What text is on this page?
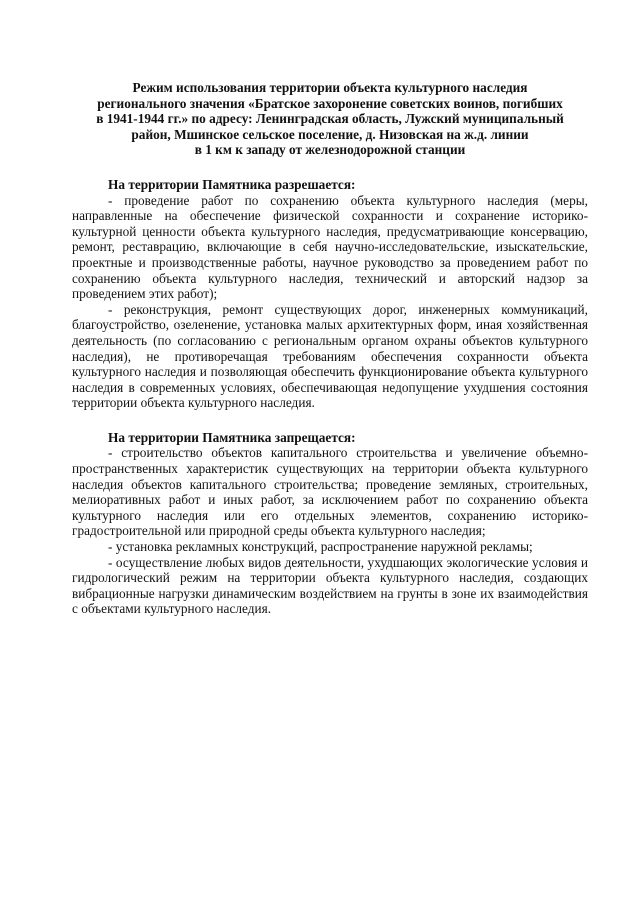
Режим использования территории объекта культурного наследия
регионального значения «Братское захоронение советских воинов, погибших
в 1941-1944 гг.» по адресу: Ленинградская область, Лужский муниципальный
район, Мшинское сельское поселение, д. Низовская на ж.д. линии
в 1 км к западу от железнодорожной станции

На территории Памятника разрешается:

- проведение работ по сохранению объекта культурного наследия (меры, направленные на обеспечение физической сохранности и сохранение историко-культурной ценности объекта культурного наследия, предусматривающие консервацию, ремонт, реставрацию, включающие в себя научно-исследовательские, изыскательские, проектные и производственные работы, научное руководство за проведением работ по сохранению объекта культурного наследия, технический и авторский надзор за проведением этих работ);

- реконструкция, ремонт существующих дорог, инженерных коммуникаций, благоустройство, озеленение, установка малых архитектурных форм, иная хозяйственная деятельность (по согласованию с региональным органом охраны объектов культурного наследия), не противоречащая требованиям обеспечения сохранности объекта культурного наследия и позволяющая обеспечить функционирование объекта культурного наследия в современных условиях, обеспечивающая недопущение ухудшения состояния территории объекта культурного наследия.

На территории Памятника запрещается:

- строительство объектов капитального строительства и увеличение объемно-пространственных характеристик существующих на территории объекта культурного наследия объектов капитального строительства; проведение земляных, строительных, мелиоративных работ и иных работ, за исключением работ по сохранению объекта культурного наследия или его отдельных элементов, сохранению историко-градостроительной или природной среды объекта культурного наследия;

- установка рекламных конструкций, распространение наружной рекламы;

- осуществление любых видов деятельности, ухудшающих экологические условия и гидрологический режим на территории объекта культурного наследия, создающих вибрационные нагрузки динамическим воздействием на грунты в зоне их взаимодействия с объектами культурного наследия.
